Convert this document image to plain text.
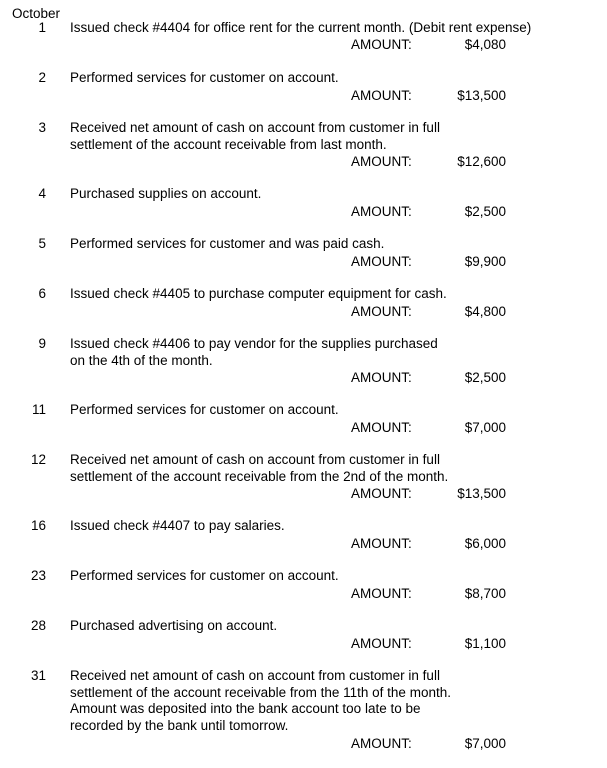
October
1 Issued check #4404 for office rent for the current month. (Debit rent expense)
AMOUNT:	$4,080
2 Performed services for customer on account.
AMOUNT:	$13,500
3 Received net amount of cash on account from customer in full
settlement of the account receivable from last month.
AMOUNT:	$12,600
4 Purchased supplies on account.
AMOUNT:	$2,500
5 Performed services for customer and was paid cash.
AMOUNT:	$9,900
6 Issued check #4405 to purchase computer equipment for cash.
AMOUNT:	$4,800
9 Issued check #4406 to pay vendor for the supplies purchased
on the 4th of the month.
AMOUNT:	$2,500
11 Performed services for customer on account.
AMOUNT:	$7,000
12 Received net amount of cash on account from customer in full
settlement of the account receivable from the 2nd of the month.
AMOUNT:	$13,500
16 Issued check #4407 to pay salaries.
AMOUNT:	$6,000
23 Performed services for customer on account.
AMOUNT:	$8,700
28 Purchased advertising on account.
AMOUNT:	$1,100
31 Received net amount of cash on account from customer in full
settlement of the account receivable from the 11th of the month.
Amount was deposited into the bank account too late to be
recorded by the bank until tomorrow.
AMOUNT:	$7,000
